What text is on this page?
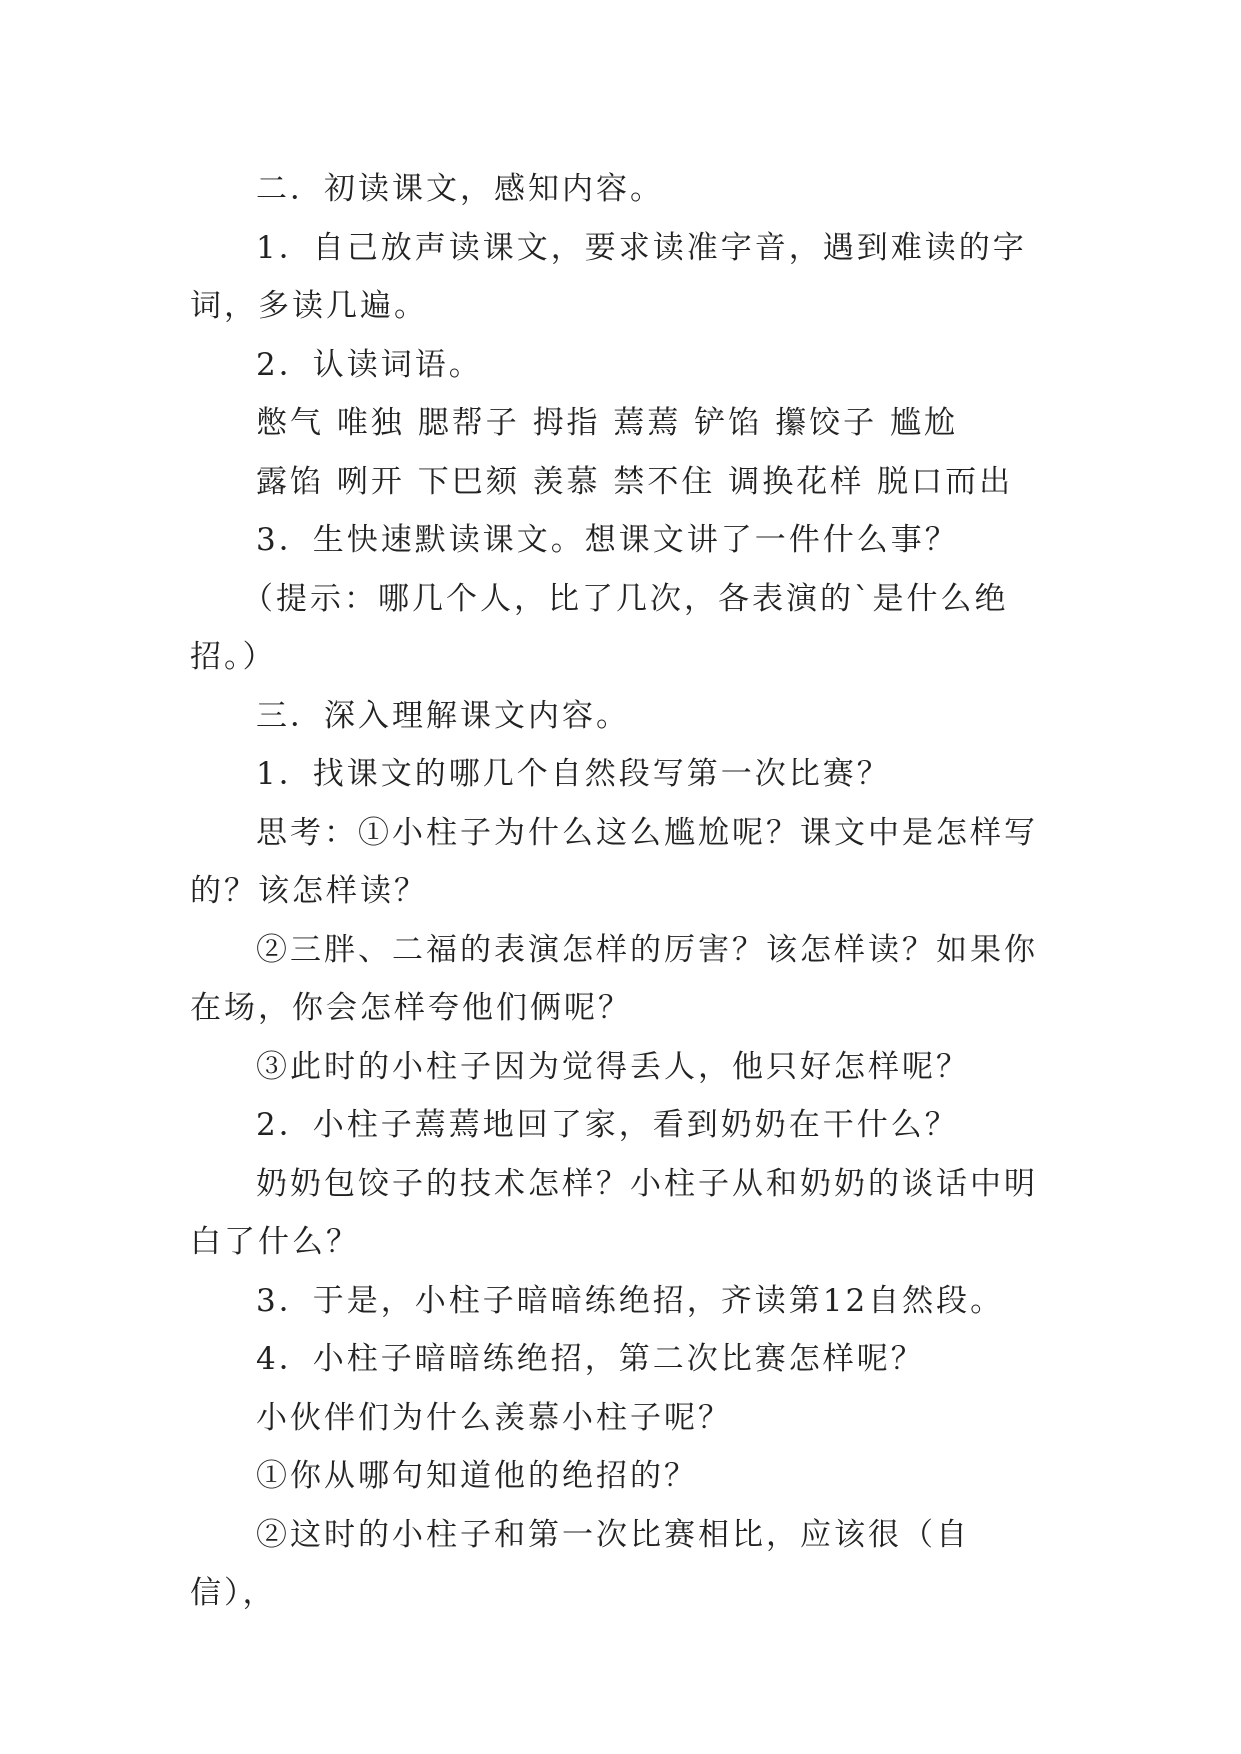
二．初读课文，感知内容。

1．自己放声读课文，要求读准字音，遇到难读的字词，多读几遍。

2．认读词语。

憋气 唯独 腮帮子 拇指 蔫蔫 铲馅 攥饺子 尴尬

露馅 咧开 下巴颏 羡慕 禁不住 调换花样 脱口而出

3．生快速默读课文。想课文讲了一件什么事？

（提示：哪几个人，比了几次，各表演的`是什么绝招。）

三．深入理解课文内容。

1．找课文的哪几个自然段写第一次比赛？

思考：①小柱子为什么这么尴尬呢？课文中是怎样写的？该怎样读？

②三胖、二福的表演怎样的厉害？该怎样读？如果你在场，你会怎样夸他们俩呢？

③此时的小柱子因为觉得丢人，他只好怎样呢？

2．小柱子蔫蔫地回了家，看到奶奶在干什么？

奶奶包饺子的技术怎样？小柱子从和奶奶的谈话中明白了什么？

3．于是，小柱子暗暗练绝招，齐读第12自然段。

4．小柱子暗暗练绝招，第二次比赛怎样呢？

小伙伴们为什么羡慕小柱子呢？

①你从哪句知道他的绝招的？

②这时的小柱子和第一次比赛相比，应该很（自信），
